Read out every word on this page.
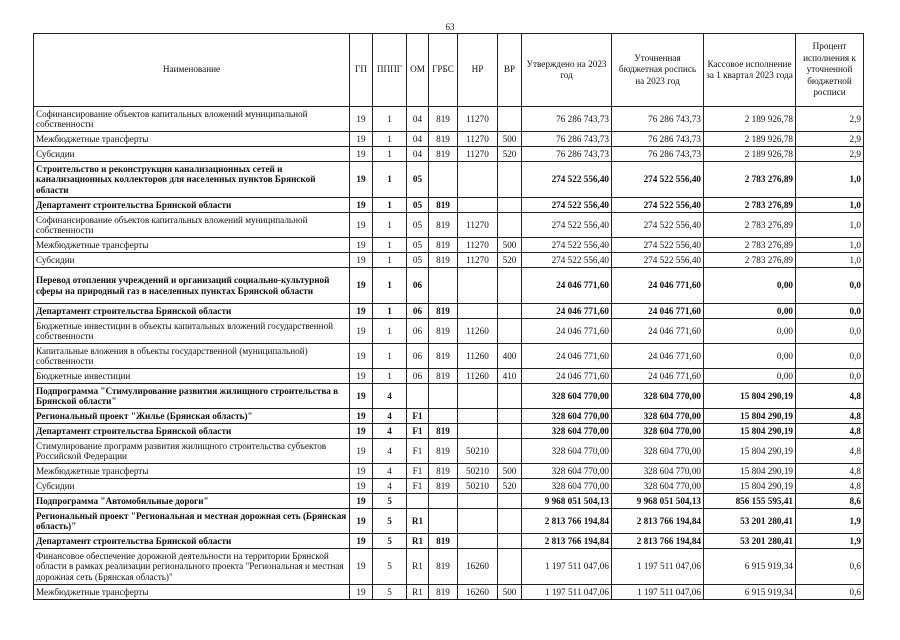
63
Наименование	ГП	ПППГ	ОМ	ГРБС	НР	ВР	Утверждено на 2023 год	Уточненная бюджетная роспись на 2023 год	Кассовое исполнение за 1 квартал 2023 года	Процент исполнения к уточненной бюджетной росписи
Софинансирование объектов капитальных вложений муниципальной собственности	19	1	04	819	11270		76 286 743,73	76 286 743,73	2 189 926,78	2,9
Межбюджетные трансферты	19	1	04	819	11270	500	76 286 743,73	76 286 743,73	2 189 926,78	2,9
Субсидии	19	1	04	819	11270	520	76 286 743,73	76 286 743,73	2 189 926,78	2,9
Строительство и реконструкция канализационных сетей и канализационных коллекторов для населенных пунктов Брянской области	19	1	05				274 522 556,40	274 522 556,40	2 783 276,89	1,0
Департамент строительства Брянской области	19	1	05	819			274 522 556,40	274 522 556,40	2 783 276,89	1,0
Софинансирование объектов капитальных вложений муниципальной собственности	19	1	05	819	11270		274 522 556,40	274 522 556,40	2 783 276,89	1,0
Межбюджетные трансферты	19	1	05	819	11270	500	274 522 556,40	274 522 556,40	2 783 276,89	1,0
Субсидии	19	1	05	819	11270	520	274 522 556,40	274 522 556,40	2 783 276,89	1,0
Перевод отопления учреждений и организаций социально-культурной сферы на природный газ в населенных пунктах Брянской области	19	1	06				24 046 771,60	24 046 771,60	0,00	0,0
Департамент строительства Брянской области	19	1	06	819			24 046 771,60	24 046 771,60	0,00	0,0
Бюджетные инвестиции в объекты капитальных вложений государственной собственности	19	1	06	819	11260		24 046 771,60	24 046 771,60	0,00	0,0
Капитальные вложения в объекты государственной (муниципальной) собственности	19	1	06	819	11260	400	24 046 771,60	24 046 771,60	0,00	0,0
Бюджетные инвестиции	19	1	06	819	11260	410	24 046 771,60	24 046 771,60	0,00	0,0
Подпрограмма "Стимулирование развития жилищного строительства в Брянской области"	19	4					328 604 770,00	328 604 770,00	15 804 290,19	4,8
Региональный проект "Жилье (Брянская область)"	19	4	F1				328 604 770,00	328 604 770,00	15 804 290,19	4,8
Департамент строительства Брянской области	19	4	F1	819			328 604 770,00	328 604 770,00	15 804 290,19	4,8
Стимулирование программ развития жилищного строительства субъектов Российской Федерации	19	4	F1	819	50210		328 604 770,00	328 604 770,00	15 804 290,19	4,8
Межбюджетные трансферты	19	4	F1	819	50210	500	328 604 770,00	328 604 770,00	15 804 290,19	4,8
Субсидии	19	4	F1	819	50210	520	328 604 770,00	328 604 770,00	15 804 290,19	4,8
Подпрограмма "Автомобильные дороги"	19	5					9 968 051 504,13	9 968 051 504,13	856 155 595,41	8,6
Региональный проект "Региональная и местная дорожная сеть (Брянская область)"	19	5	R1				2 813 766 194,84	2 813 766 194,84	53 201 280,41	1,9
Департамент строительства Брянской области	19	5	R1	819			2 813 766 194,84	2 813 766 194,84	53 201 280,41	1,9
Финансовое обеспечение дорожной деятельности на территории Брянской области в рамках реализации регионального проекта "Региональная и местная дорожная сеть (Брянская область)"	19	5	R1	819	16260		1 197 511 047,06	1 197 511 047,06	6 915 919,34	0,6
Межбюджетные трансферты	19	5	R1	819	16260	500	1 197 511 047,06	1 197 511 047,06	6 915 919,34	0,6
